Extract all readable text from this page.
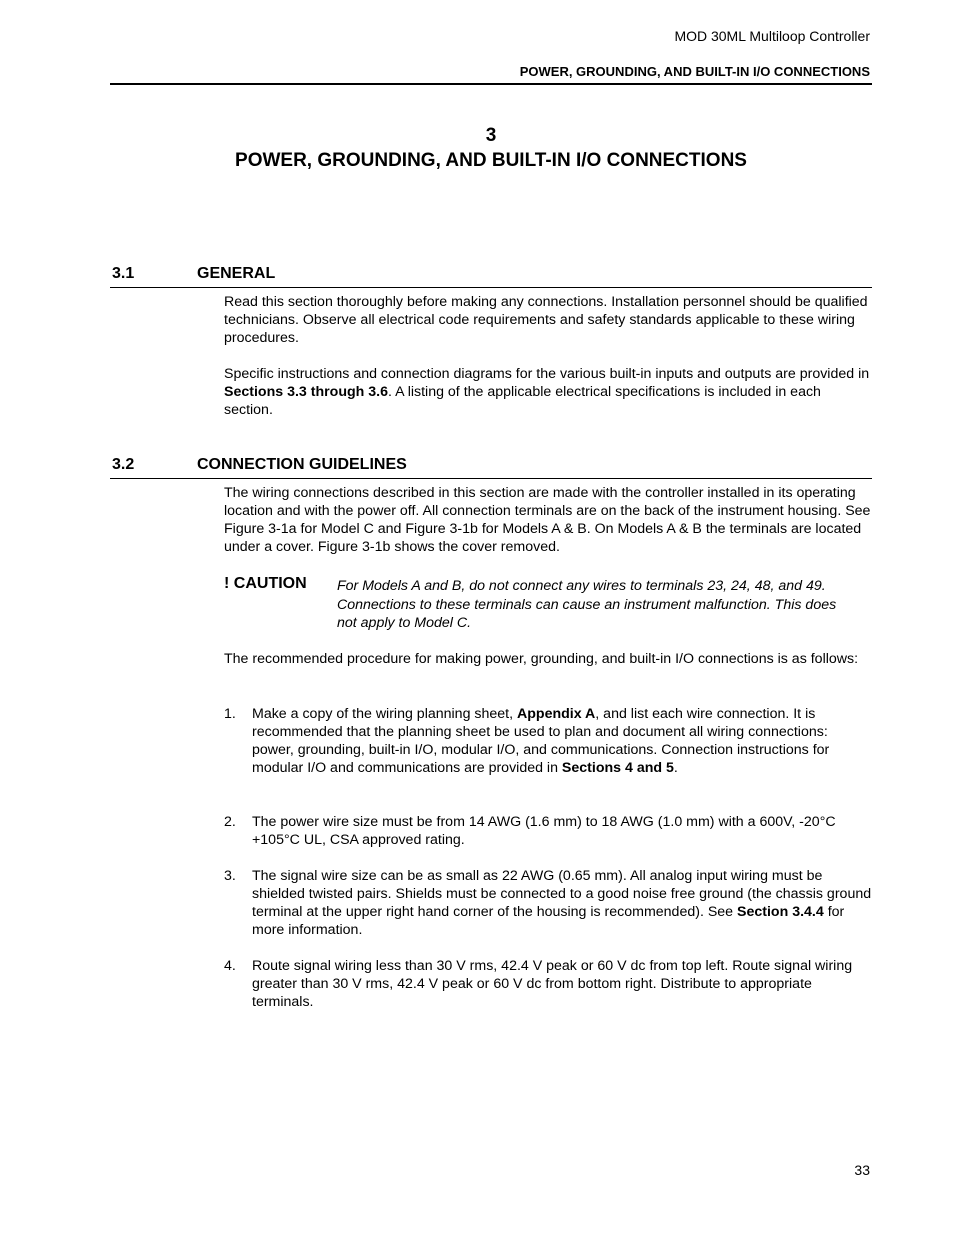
MOD 30ML Multiloop Controller
POWER, GROUNDING, AND BUILT-IN I/O CONNECTIONS
3
POWER, GROUNDING, AND BUILT-IN I/O CONNECTIONS
3.1	GENERAL

Read this section thoroughly before making any connections. Installation personnel should be qualified technicians. Observe all electrical code requirements and safety standards applicable to these wiring procedures.

Specific instructions and connection diagrams for the various built-in inputs and outputs are provided in Sections 3.3 through 3.6. A listing of the applicable electrical specifications is included in each section.

3.2	CONNECTION GUIDELINES

The wiring connections described in this section are made with the controller installed in its operating location and with the power off. All connection terminals are on the back of the instrument housing. See Figure 3-1a for Model C and Figure 3-1b for Models A & B. On Models A & B the terminals are located under a cover. Figure 3-1b shows the cover removed.

! CAUTION For Models A and B, do not connect any wires to terminals 23, 24, 48, and 49. Connections to these terminals can cause an instrument malfunction. This does not apply to Model C.

The recommended procedure for making power, grounding, and built-in I/O connections is as follows:

1. Make a copy of the wiring planning sheet, Appendix A, and list each wire connection. It is recommended that the planning sheet be used to plan and document all wiring connections: power, grounding, built-in I/O, modular I/O, and communications. Connection instructions for modular I/O and communications are provided in Sections 4 and 5.

2. The power wire size must be from 14 AWG (1.6 mm) to 18 AWG (1.0 mm) with a 600V, -20°C +105°C UL, CSA approved rating.

3. The signal wire size can be as small as 22 AWG (0.65 mm). All analog input wiring must be shielded twisted pairs. Shields must be connected to a good noise free ground (the chassis ground terminal at the upper right hand corner of the housing is recommended). See Section 3.4.4 for more information.

4. Route signal wiring less than 30 V rms, 42.4 V peak or 60 V dc from top left. Route signal wiring greater than 30 V rms, 42.4 V peak or 60 V dc from bottom right. Distribute to appropriate terminals.

33
